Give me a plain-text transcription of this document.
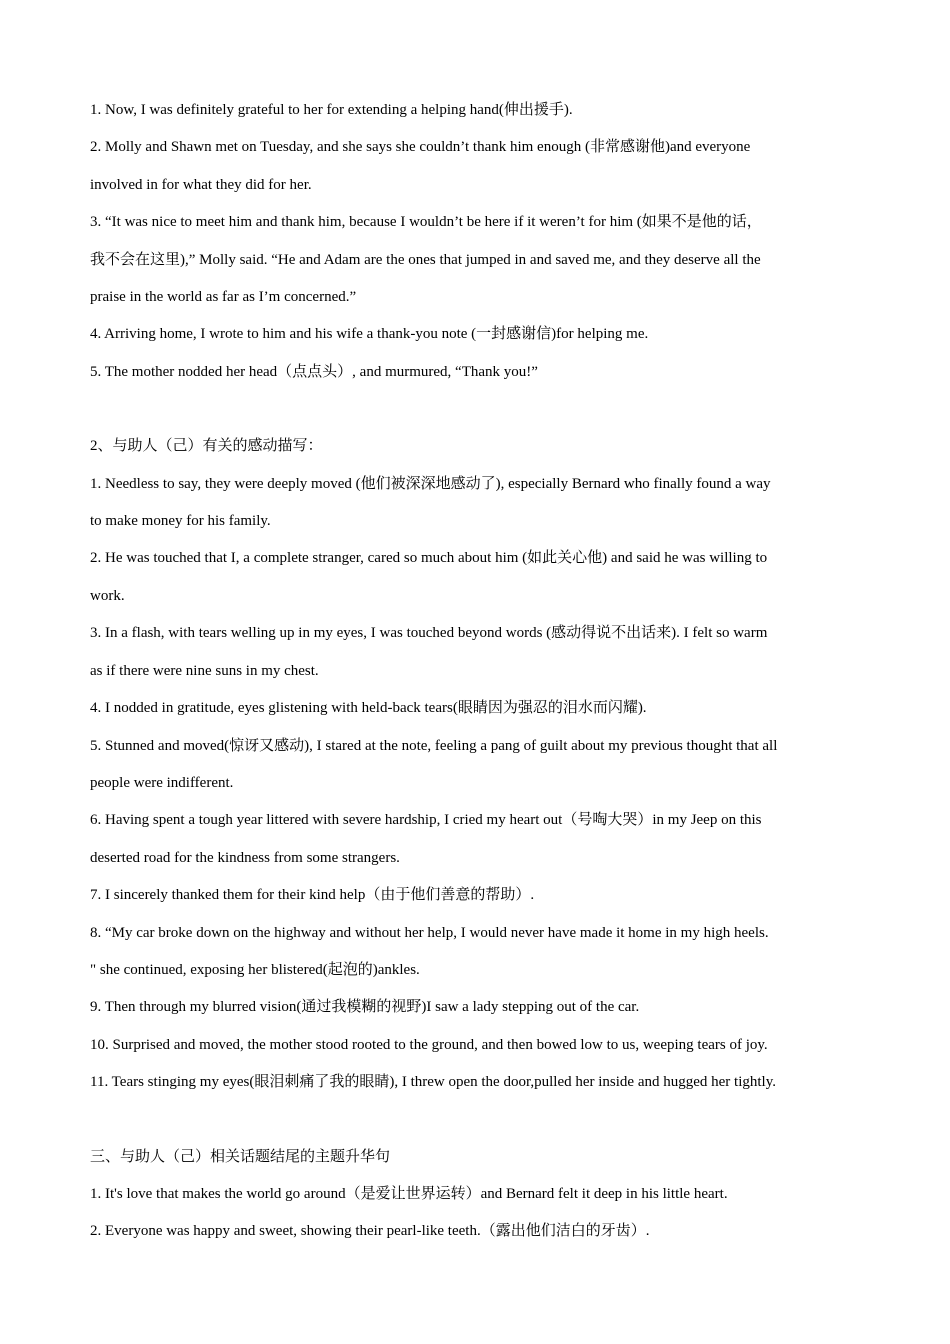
1. Now, I was definitely grateful to her for extending a helping hand(伸出援手).

2. Molly and Shawn met on Tuesday, and she says she couldn’t thank him enough (非常感谢他)and everyone

involved in for what they did for her.

3. “It was nice to meet him and thank him, because I wouldn’t be here if it weren’t for him (如果不是他的话，

我不会在这里),” Molly said. “He and Adam are the ones that jumped in and saved me, and they deserve all the

praise in the world as far as I’m concerned.”

4. Arriving home, I wrote to him and his wife a thank-you note (一封感谢信)for helping me.

5. The mother nodded her head（点点头）, and murmured, “Thank you!”

2、与助人（己）有关的感动描写：

1. Needless to say, they were deeply moved (他们被深深地感动了), especially Bernard who finally found a way

to make money for his family.

2. He was touched that I, a complete stranger, cared so much about him (如此关心他) and said he was willing to

work.

3. In a flash, with tears welling up in my eyes, I was touched beyond words (感动得说不出话来). I felt so warm

as if there were nine suns in my chest.

4. I nodded in gratitude, eyes glistening with held-back tears(眼睛因为强忍的泪水而闪耀).

5. Stunned and moved(惊讶又感动), I stared at the note, feeling a pang of guilt about my previous thought that all

people were indifferent.

6. Having spent a tough year littered with severe hardship, I cried my heart out（号啕大哭）in my Jeep on this

deserted road for the kindness from some strangers.

7. I sincerely thanked them for their kind help（由于他们善意的帮助）.

8. “My car broke down on the highway and without her help, I would never have made it home in my high heels.

" she continued, exposing her blistered(起泡的)ankles.

9. Then through my blurred vision(通过我模糊的视野)I saw a lady stepping out of the car.

10. Surprised and moved, the mother stood rooted to the ground, and then bowed low to us, weeping tears of joy.

11. Tears stinging my eyes(眼泪刺痛了我的眼睛), I threw open the door,pulled her inside and hugged her tightly.

三、与助人（己）相关话题结尾的主题升华句

1. It's love that makes the world go around（是爱让世界运转）and Bernard felt it deep in his little heart.

2. Everyone was happy and sweet, showing their pearl-like teeth.（露出他们洁白的牙齿）.
